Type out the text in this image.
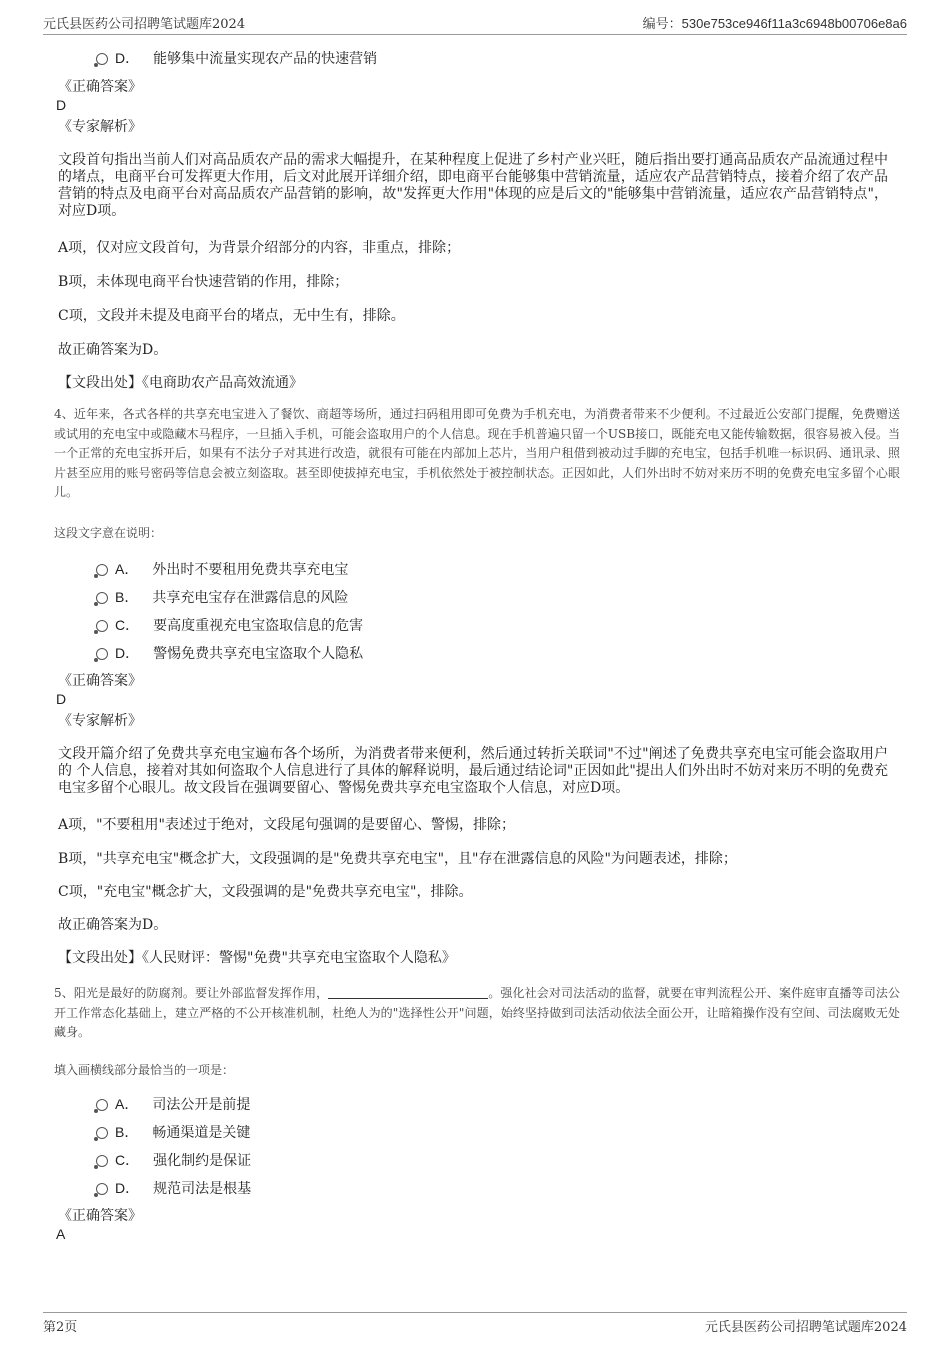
元氏县医药公司招聘笔试题库2024	编号：530e753ce946f11a3c6948b00706e8a6
D． 能够集中流量实现农产品的快速营销
《正确答案》
D
《专家解析》
文段首句指出当前人们对高品质农产品的需求大幅提升，在某种程度上促进了乡村产业兴旺，随后指出要打通高品质农产品流通过程中的堵点，电商平台可发挥更大作用，后文对此展开详细介绍，即电商平台能够集中营销流量，适应农产品营销特点，接着介绍了农产品营销的特点及电商平台对高品质农产品营销的影响，故"发挥更大作用"体现的应是后文的"能够集中营销流量，适应农产品营销特点"，对应D项。
A项，仅对应文段首句，为背景介绍部分的内容，非重点，排除；
B项，未体现电商平台快速营销的作用，排除；
C项，文段并未提及电商平台的堵点，无中生有，排除。
故正确答案为D。
【文段出处】《电商助农产品高效流通》
4、近年来，各式各样的共享充电宝进入了餐饮、商超等场所，通过扫码租用即可免费为手机充电，为消费者带来不少便利。不过最近公安部门提醒，免费赠送或试用的充电宝中或隐藏木马程序，一旦插入手机，可能会盗取用户的个人信息。现在手机普遍只留一个USB接口，既能充电又能传输数据，很容易被入侵。当一个正常的充电宝拆开后，如果有不法分子对其进行改造，就很有可能在内部加上芯片，当用户租借到被动过手脚的充电宝，包括手机唯一标识码、通讯录、照片甚至应用的账号密码等信息会被立刻盗取。甚至即使拔掉充电宝，手机依然处于被控制状态。正因如此，人们外出时不妨对来历不明的免费充电宝多留个心眼儿。
这段文字意在说明：
A． 外出时不要租用免费共享充电宝
B． 共享充电宝存在泄露信息的风险
C． 要高度重视充电宝盗取信息的危害
D． 警惕免费共享充电宝盗取个人隐私
《正确答案》
D
《专家解析》
文段开篇介绍了免费共享充电宝遍布各个场所，为消费者带来便利，然后通过转折关联词"不过"阐述了免费共享充电宝可能会盗取用户 的 个人信息，接着对其如何盗取个人信息进行了具体的解释说明，最后通过结论词"正因如此"提出人们外出时不妨对来历不明的免费充电宝多留个心眼儿。故文段旨在强调要留心、警惕免费共享充电宝盗取个人信息，对应D项。
A项，"不要租用"表述过于绝对，文段尾句强调的是要留心、警惕，排除；
B项，"共享充电宝"概念扩大，文段强调的是"免费共享充电宝"，且"存在泄露信息的风险"为问题表述，排除；
C项，"充电宝"概念扩大，文段强调的是"免费共享充电宝"，排除。
故正确答案为D。
【文段出处】《人民财评：警惕"免费"共享充电宝盗取个人隐私》
5、阳光是最好的防腐剂。要让外部监督发挥作用，	。强化社会对司法活动的监督，就要在审判流程公开、案件庭审直播等司法公开工作常态化基础上，建立严格的不公开核准机制，杜绝人为的"选择性公开"问题，始终坚持做到司法活动依法全面公开，让暗箱操作没有空间、司法腐败无处藏身。
填入画横线部分最恰当的一项是：
A． 司法公开是前提
B． 畅通渠道是关键
C． 强化制约是保证
D． 规范司法是根基
《正确答案》
A
第2页	元氏县医药公司招聘笔试题库2024
